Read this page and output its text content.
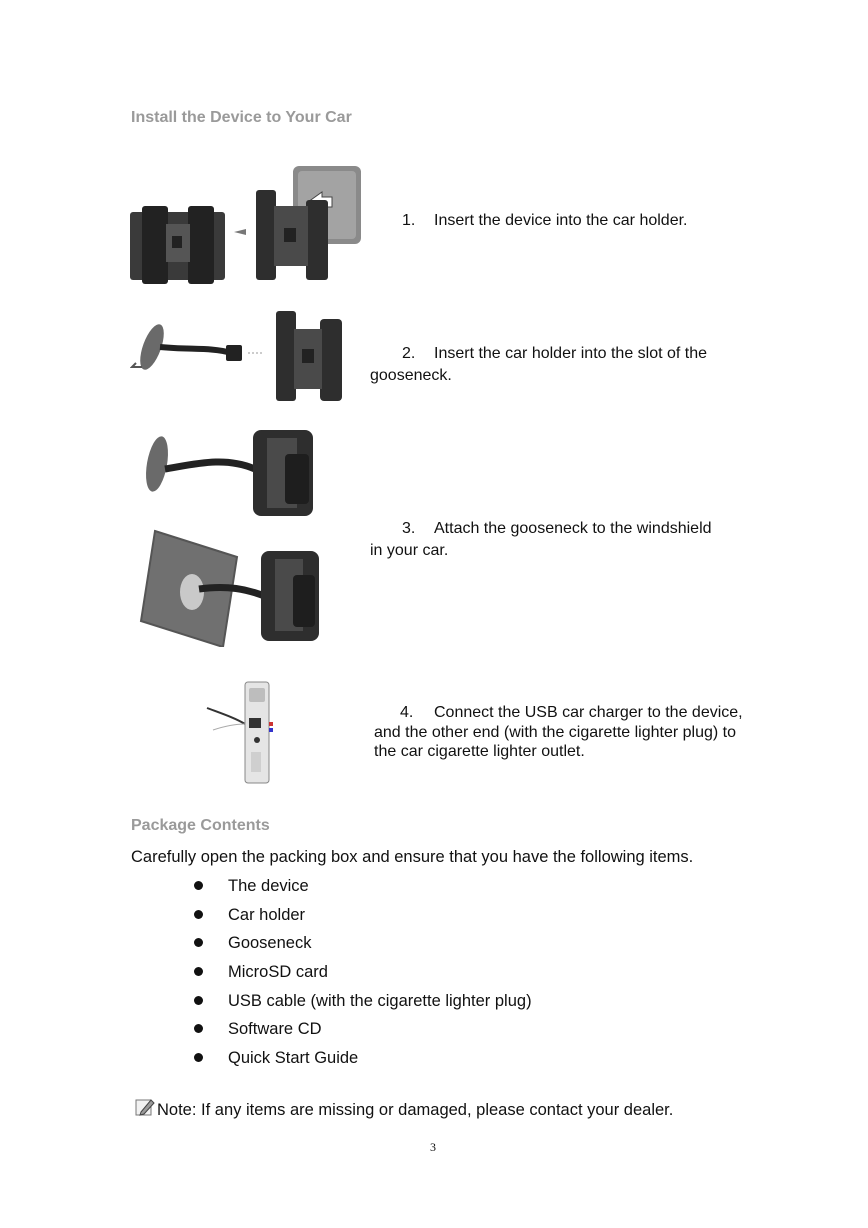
Install the Device to Your Car
1. Insert the device into the car holder.
2. Insert the car holder into the slot of the
gooseneck.
3. Attach the gooseneck to the windshield
in your car.
4. Connect the USB car charger to the device,
and the other end (with the cigarette lighter plug) to
the car cigarette lighter outlet.
Package Contents
Carefully open the packing box and ensure that you have the following items.
The device
Car holder
Gooseneck
MicroSD card
USB cable (with the cigarette lighter plug)
Software CD
Quick Start Guide
Note: If any items are missing or damaged, please contact your dealer.
3
